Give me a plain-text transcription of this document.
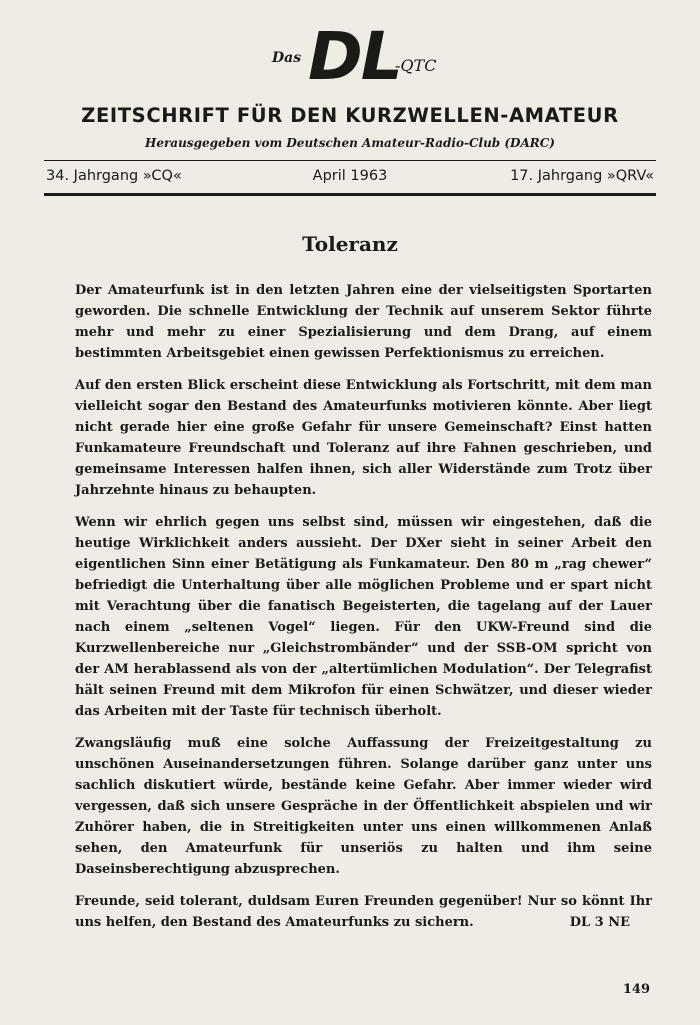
Das DL
-QTC
ZEITSCHRIFT FÜR DEN KURZWELLEN-AMATEUR
Herausgegeben vom Deutschen Amateur-Radio-Club (DARC)
34. Jahrgang »CQ«	April 1963	17. Jahrgang »QRV«
Toleranz

Der Amateurfunk ist in den letzten Jahren eine der vielseitigsten Sportarten geworden. Die schnelle Entwicklung der Technik auf unserem Sektor führte mehr und mehr zu einer Spezialisierung und dem Drang, auf einem bestimmten Arbeitsgebiet einen gewissen Perfektionismus zu erreichen.

Auf den ersten Blick erscheint diese Entwicklung als Fortschritt, mit dem man vielleicht sogar den Bestand des Amateurfunks motivieren könnte. Aber liegt nicht gerade hier eine große Gefahr für unsere Gemeinschaft? Einst hatten Funkamateure Freundschaft und Toleranz auf ihre Fahnen geschrieben, und gemeinsame Interessen halfen ihnen, sich aller Widerstände zum Trotz über Jahrzehnte hinaus zu behaupten.

Wenn wir ehrlich gegen uns selbst sind, müssen wir eingestehen, daß die heutige Wirklichkeit anders aussieht. Der DXer sieht in seiner Arbeit den eigentlichen Sinn einer Betätigung als Funkamateur. Den 80 m „rag chewer“ befriedigt die Unterhaltung über alle möglichen Probleme und er spart nicht mit Verachtung über die fanatisch Begeisterten, die tagelang auf der Lauer nach einem „seltenen Vogel“ liegen. Für den UKW-Freund sind die Kurzwellenbereiche nur „Gleichstrombänder“ und der SSB-OM spricht von der AM herablassend als von der „altertümlichen Modulation“. Der Telegrafist hält seinen Freund mit dem Mikrofon für einen Schwätzer, und dieser wieder das Arbeiten mit der Taste für technisch überholt.

Zwangsläufig muß eine solche Auffassung der Freizeitgestaltung zu unschönen Auseinandersetzungen führen. Solange darüber ganz unter uns sachlich diskutiert würde, bestände keine Gefahr. Aber immer wieder wird vergessen, daß sich unsere Gespräche in der Öffentlichkeit abspielen und wir Zuhörer haben, die in Streitigkeiten unter uns einen willkommenen Anlaß sehen, den Amateurfunk für unseriös zu halten und ihm seine Daseinsberechtigung abzusprechen.

Freunde, seid tolerant, duldsam Euren Freunden gegenüber! Nur so könnt Ihr uns helfen, den Bestand des Amateurfunks zu sichern.	DL 3 NE

149
